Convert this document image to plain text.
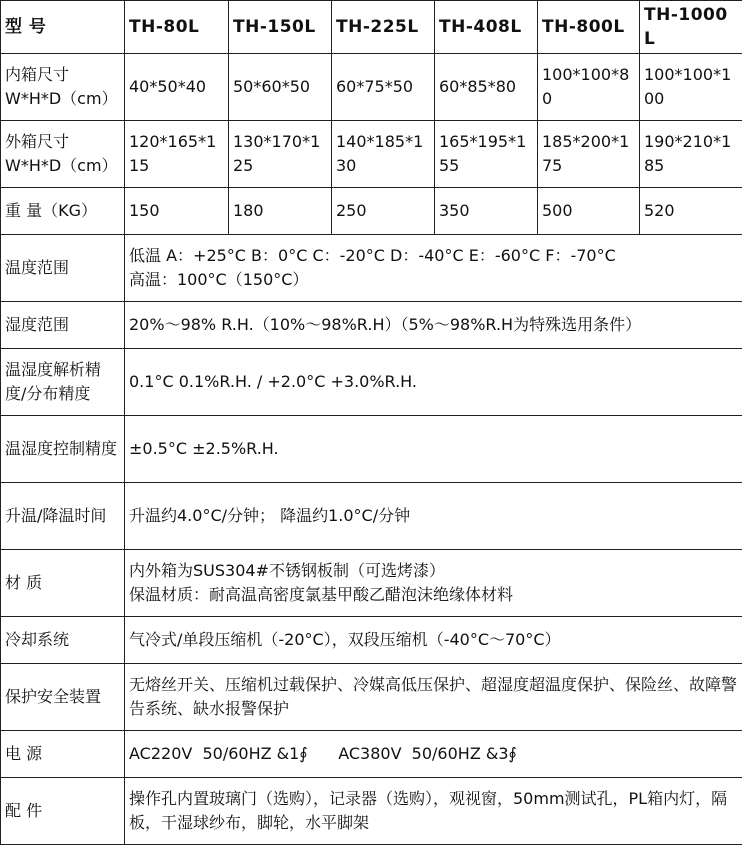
型 号	TH-80L	TH-150L	TH-225L	TH-408L	TH-800L	TH-1000L

内箱尺寸
W*H*D（cm）	40*50*40	50*60*50	60*75*50	60*85*80	100*100*80	100*100*100

外箱尺寸
W*H*D（cm）	120*165*115	130*170*125	140*185*130	165*195*155	185*200*175	190*210*185
重 量（KG）	150	180	250	350	500	520
温度范围	低温 A：+25°C B：0°C C：-20°C D：-40°C E：-60°C F：-70°C
高温：100°C（150°C）					

湿度范围	20%～98% R.H.（10%～98%R.H）（5%～98%R.H为特殊选用条件）					
温湿度解析精度/分布精度	0.1°C 0.1%R.H. / +2.0°C +3.0%R.H.					
温湿度控制精度	±0.5°C ±2.5%R.H.					
升温/降温时间	升温约4.0°C/分钟； 降温约1.0°C/分钟					
材 质	内外箱为SUS304#不锈钢板制（可选烤漆）
保温材质：耐高温高密度氯基甲酸乙醋泡沫绝缘体材料					

冷却系统	气冷式/单段压缩机（-20°C），双段压缩机（-40°C～70°C）					
保护安全装置	无熔丝开关、压缩机过载保护、冷媒高低压保护、超湿度超温度保护、保险丝、故障警告系统、缺水报警保护					
电 源	AC220V  50/60HZ &1∮      AC380V  50/60HZ &3∮					
配 件	操作孔内置玻璃门（选购），记录器（选购），观视窗，50mm测试孔，PL箱内灯，隔板，干湿球纱布，脚轮，水平脚架					
